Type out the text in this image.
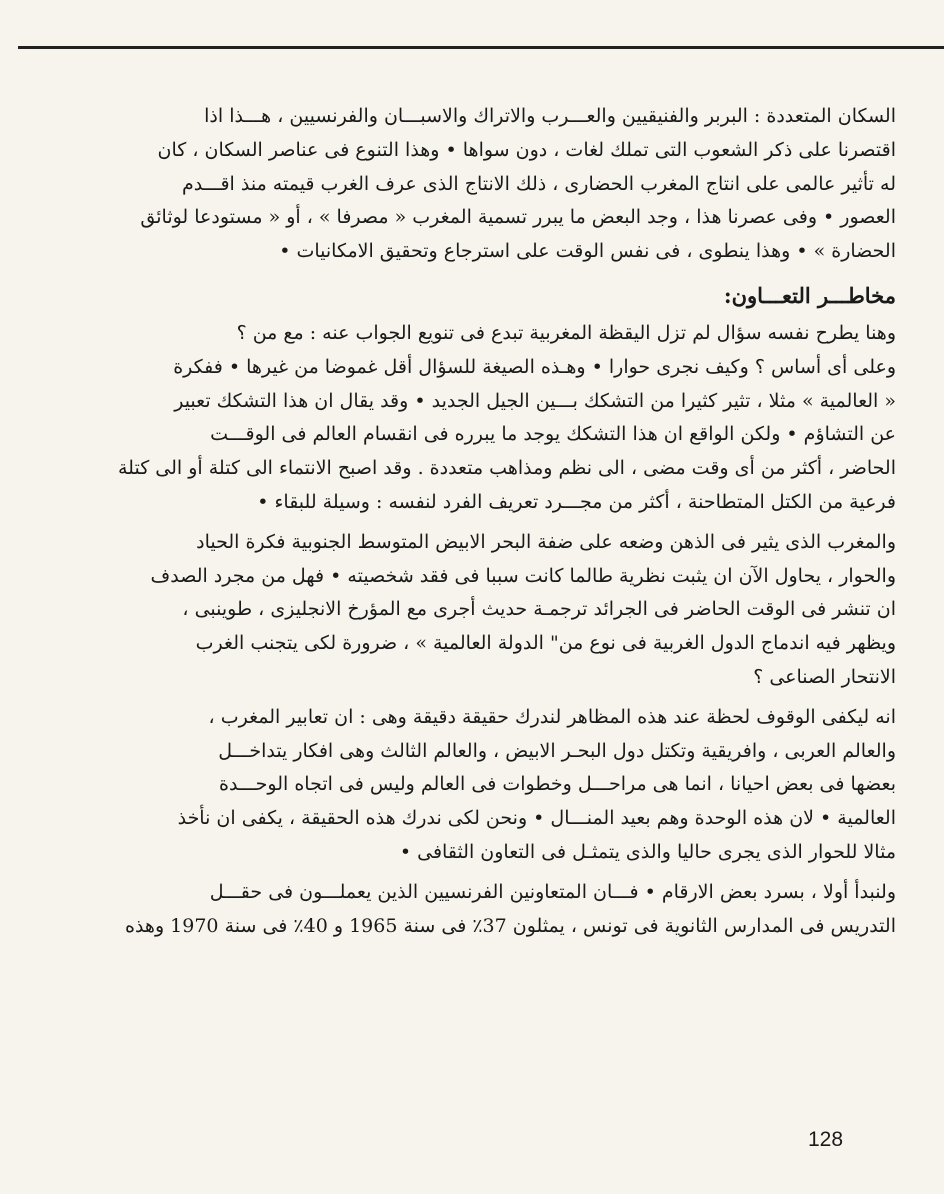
السكان المتعددة : البربر والفنيقيين والعـــرب والاتراك والاسبـــان والفرنسيين ، هـــذا اذا
اقتصرنا على ذكر الشعوب التى تملك لغات ، دون سواها • وهذا التنوع فى عناصر السكان ، كان
له تأثير عالمى على انتاج المغرب الحضارى ، ذلك الانتاج الذى عرف الغرب قيمته منذ اقـــدم
العصور • وفى عصرنا هذا ، وجد البعض ما يبرر تسمية المغرب « مصرفا » ، أو « مستودعا لوثائق
الحضارة » • وهذا ينطوى ، فى نفس الوقت على استرجاع وتحقيق الامكانيات •
مخاطـــر التعـــاون:
وهنا يطرح نفسه سؤال لم تزل اليقظة المغربية تبدع فى تنويع الجواب عنه : مع من ؟
وعلى أى أساس ؟ وكيف نجرى حوارا • وهـذه الصيغة للسؤال أقل غموضا من غيرها • ففكرة
« العالمية » مثلا ، تثير كثيرا من التشكك بـــين الجيل الجديد • وقد يقال ان هذا التشكك تعبير
عن التشاؤم • ولكن الواقع ان هذا التشكك يوجد ما يبرره فى انقسام العالم فى الوقـــت
الحاضر ، أكثر من أى وقت مضى ، الى نظم ومذاهب متعددة . وقد اصبح الانتماء الى كتلة أو الى كتلة
فرعية من الكتل المتطاحنة ، أكثر من مجـــرد تعريف الفرد لنفسه : وسيلة للبقاء •
والمغرب الذى يثير فى الذهن وضعه على ضفة البحر الابيض المتوسط الجنوبية فكرة الحياد
والحوار ، يحاول الآن ان يثبت نظرية طالما كانت سببا فى فقد شخصيته • فهل من مجرد الصدف
ان تنشر فى الوقت الحاضر فى الجرائد ترجمـة حديث أجرى مع المؤرخ الانجليزى ، طوينبى ،
ويظهر فيه اندماج الدول الغربية فى نوع من" الدولة العالمية » ، ضرورة لكى يتجنب الغرب
الانتحار الصناعى ؟
انه ليكفى الوقوف لحظة عند هذه المظاهر لندرك حقيقة دقيقة وهى : ان تعابير المغرب ،
والعالم العربى ، وافريقية وتكتل دول البحـر الابيض ، والعالم الثالث وهى افكار يتداخـــل
بعضها فى بعض احيانا ، انما هى مراحـــل وخطوات فى العالم وليس فى اتجاه الوحـــدة
العالمية • لان هذه الوحدة وهم بعيد المنـــال • ونحن لكى ندرك هذه الحقيقة ، يكفى ان نأخذ
مثالا للحوار الذى يجرى حاليا والذى يتمثـل فى التعاون الثقافى •
ولنبدأ أولا ، بسرد بعض الارقام • فـــان المتعاونين الفرنسيين الذين يعملـــون فى حقـــل
التدريس فى المدارس الثانوية فى تونس ، يمثلون 37٪ فى سنة 1965 و 40٪ فى سنة 1970 وهذه
128
